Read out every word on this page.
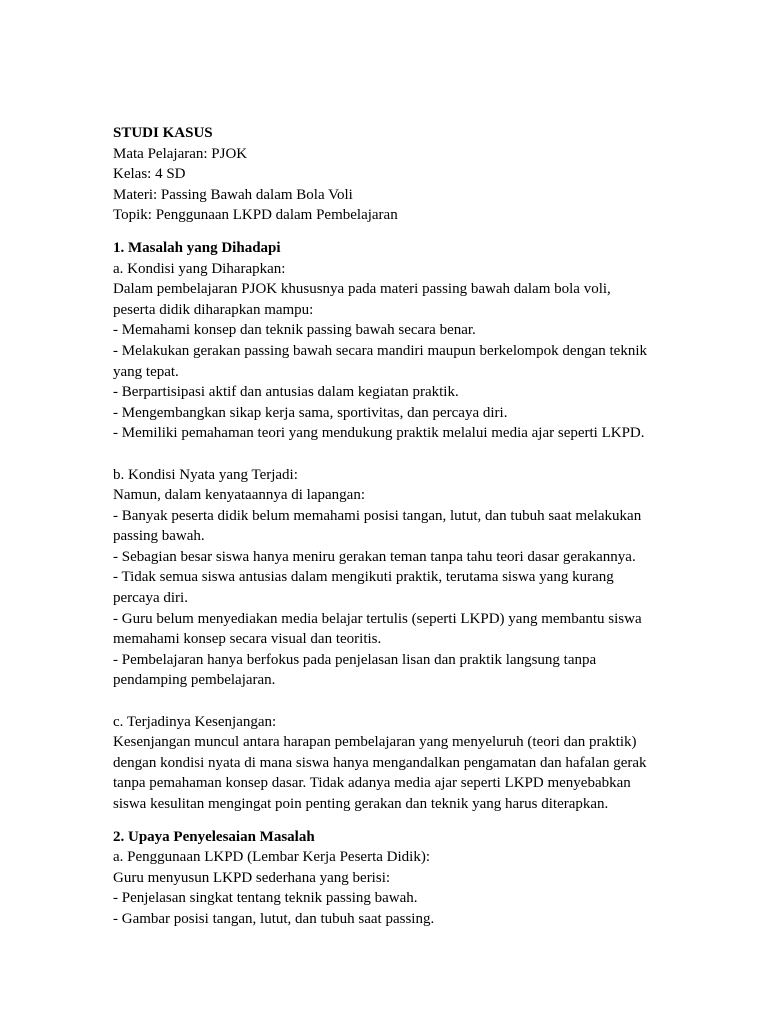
STUDI KASUS
Mata Pelajaran: PJOK
Kelas: 4 SD
Materi: Passing Bawah dalam Bola Voli
Topik: Penggunaan LKPD dalam Pembelajaran
1. Masalah yang Dihadapi
a. Kondisi yang Diharapkan:
Dalam pembelajaran PJOK khususnya pada materi passing bawah dalam bola voli,
peserta didik diharapkan mampu:
- Memahami konsep dan teknik passing bawah secara benar.
- Melakukan gerakan passing bawah secara mandiri maupun berkelompok dengan teknik
yang tepat.
- Berpartisipasi aktif dan antusias dalam kegiatan praktik.
- Mengembangkan sikap kerja sama, sportivitas, dan percaya diri.
- Memiliki pemahaman teori yang mendukung praktik melalui media ajar seperti LKPD.
b. Kondisi Nyata yang Terjadi:
Namun, dalam kenyataannya di lapangan:
- Banyak peserta didik belum memahami posisi tangan, lutut, dan tubuh saat melakukan
passing bawah.
- Sebagian besar siswa hanya meniru gerakan teman tanpa tahu teori dasar gerakannya.
- Tidak semua siswa antusias dalam mengikuti praktik, terutama siswa yang kurang
percaya diri.
- Guru belum menyediakan media belajar tertulis (seperti LKPD) yang membantu siswa
memahami konsep secara visual dan teoritis.
- Pembelajaran hanya berfokus pada penjelasan lisan dan praktik langsung tanpa
pendamping pembelajaran.
c. Terjadinya Kesenjangan:
Kesenjangan muncul antara harapan pembelajaran yang menyeluruh (teori dan praktik)
dengan kondisi nyata di mana siswa hanya mengandalkan pengamatan dan hafalan gerak
tanpa pemahaman konsep dasar. Tidak adanya media ajar seperti LKPD menyebabkan
siswa kesulitan mengingat poin penting gerakan dan teknik yang harus diterapkan.
2. Upaya Penyelesaian Masalah
a. Penggunaan LKPD (Lembar Kerja Peserta Didik):
Guru menyusun LKPD sederhana yang berisi:
- Penjelasan singkat tentang teknik passing bawah.
- Gambar posisi tangan, lutut, dan tubuh saat passing.
